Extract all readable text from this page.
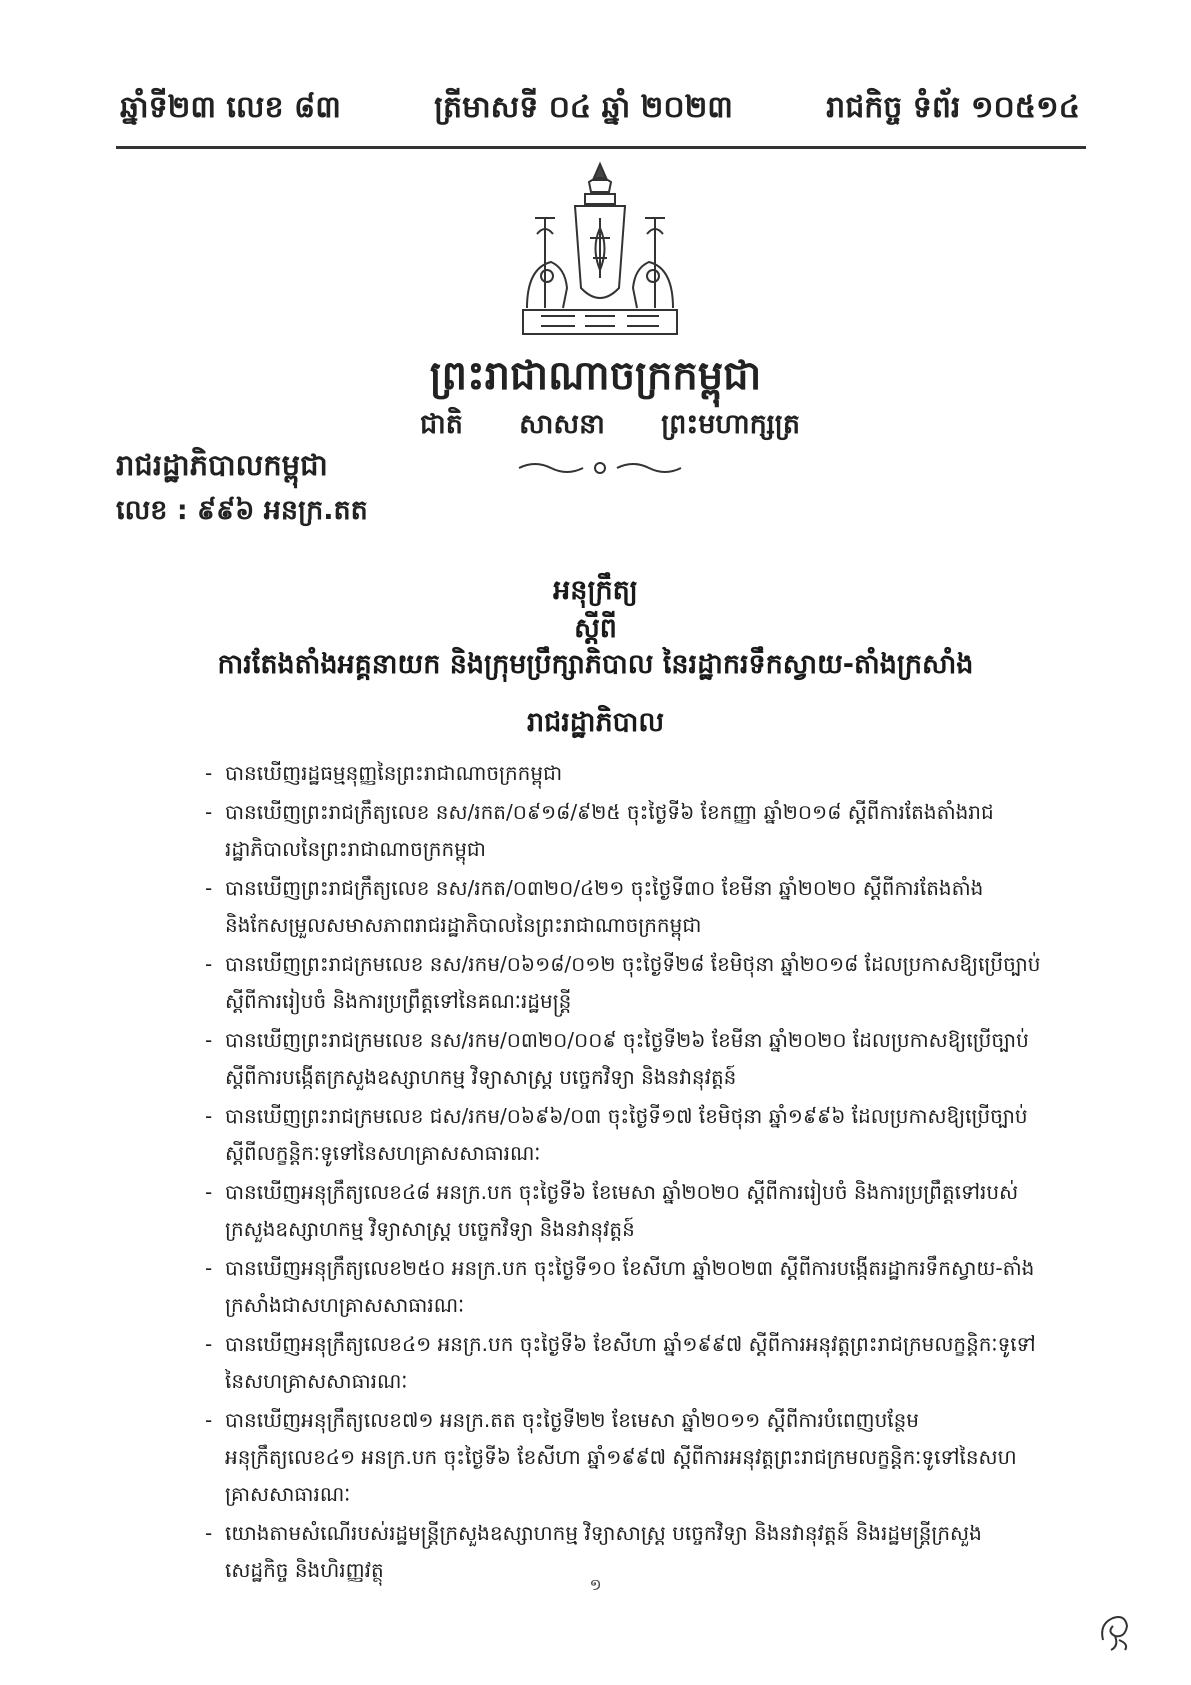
ឆ្នាំទី២៣ លេខ ៨៣	ត្រីមាសទី ០៤ ឆ្នាំ ២០២៣	រាជកិច្ច ទំព័រ ១០៥១៤
ព្រះរាជាណាចក្រកម្ពុជា
ជាតិ សាសនា ព្រះមហាក្សត្រ
រាជរដ្ឋាភិបាលកម្ពុជា
លេខ : ៩៩៦ អនក្រ.តត
អនុក្រឹត្យ
ស្តីពី
ការតែងតាំងអគ្គនាយក និងក្រុមប្រឹក្សាភិបាល នៃរដ្ឋាករទឹកស្វាយ-តាំងក្រសាំង
រាជរដ្ឋាភិបាល
- បានឃើញរដ្ឋធម្មនុញ្ញនៃព្រះរាជាណាចក្រកម្ពុជា
- បានឃើញព្រះរាជក្រឹត្យលេខ នស/រកត/០៩១៨/៩២៥ ចុះថ្ងៃទី៦ ខែកញ្ញា ឆ្នាំ២០១៨ ស្តីពីការតែងតាំងរាជរដ្ឋាភិបាលនៃព្រះរាជាណាចក្រកម្ពុជា
- បានឃើញព្រះរាជក្រឹត្យលេខ នស/រកត/០៣២០/៤២១ ចុះថ្ងៃទី៣០ ខែមីនា ឆ្នាំ២០២០ ស្តីពីការតែងតាំង និងកែសម្រួលសមាសភាពរាជរដ្ឋាភិបាលនៃព្រះរាជាណាចក្រកម្ពុជា
- បានឃើញព្រះរាជក្រមលេខ នស/រកម/០៦១៨/០១២ ចុះថ្ងៃទី២៨ ខែមិថុនា ឆ្នាំ២០១៨ ដែលប្រកាសឱ្យប្រើច្បាប់ស្តីពីការរៀបចំ និងការប្រព្រឹត្តទៅនៃគណៈរដ្ឋមន្ត្រី
- បានឃើញព្រះរាជក្រមលេខ នស/រកម/០៣២០/០០៩ ចុះថ្ងៃទី២៦ ខែមីនា ឆ្នាំ២០២០ ដែលប្រកាសឱ្យប្រើច្បាប់ស្តីពីការបង្កើតក្រសួងឧស្សាហកម្ម វិទ្យាសាស្ត្រ បច្ចេកវិទ្យា និងនវានុវត្តន៍
- បានឃើញព្រះរាជក្រមលេខ ជស/រកម/០៦៩៦/០៣ ចុះថ្ងៃទី១៧ ខែមិថុនា ឆ្នាំ១៩៩៦ ដែលប្រកាសឱ្យប្រើច្បាប់ស្តីពីលក្ខន្តិកៈទូទៅនៃសហគ្រាសសាធារណៈ
- បានឃើញអនុក្រឹត្យលេខ៤៨ អនក្រ.បក ចុះថ្ងៃទី៦ ខែមេសា ឆ្នាំ២០២០ ស្តីពីការរៀបចំ និងការប្រព្រឹត្តទៅរបស់ក្រសួងឧស្សាហកម្ម វិទ្យាសាស្ត្រ បច្ចេកវិទ្យា និងនវានុវត្តន៍
- បានឃើញអនុក្រឹត្យលេខ២៥០ អនក្រ.បក ចុះថ្ងៃទី១០ ខែសីហា ឆ្នាំ២០២៣ ស្តីពីការបង្កើតរដ្ឋាករទឹកស្វាយ-តាំងក្រសាំងជាសហគ្រាសសាធារណៈ
- បានឃើញអនុក្រឹត្យលេខ៤១ អនក្រ.បក ចុះថ្ងៃទី៦ ខែសីហា ឆ្នាំ១៩៩៧ ស្តីពីការអនុវត្តព្រះរាជក្រមលក្ខន្តិកៈទូទៅនៃសហគ្រាសសាធារណៈ
- បានឃើញអនុក្រឹត្យលេខ៧១ អនក្រ.តត ចុះថ្ងៃទី២២ ខែមេសា ឆ្នាំ២០១១ ស្តីពីការបំពេញបន្ថែមអនុក្រឹត្យលេខ៤១ អនក្រ.បក ចុះថ្ងៃទី៦ ខែសីហា ឆ្នាំ១៩៩៧ ស្តីពីការអនុវត្តព្រះរាជក្រមលក្ខន្តិកៈទូទៅនៃសហគ្រាសសាធារណៈ
- យោងតាមសំណើរបស់រដ្ឋមន្ត្រីក្រសួងឧស្សាហកម្ម វិទ្យាសាស្ត្រ បច្ចេកវិទ្យា និងនវានុវត្តន៍ និងរដ្ឋមន្ត្រីក្រសួងសេដ្ឋកិច្ច និងហិរញ្ញវត្ថុ
១
